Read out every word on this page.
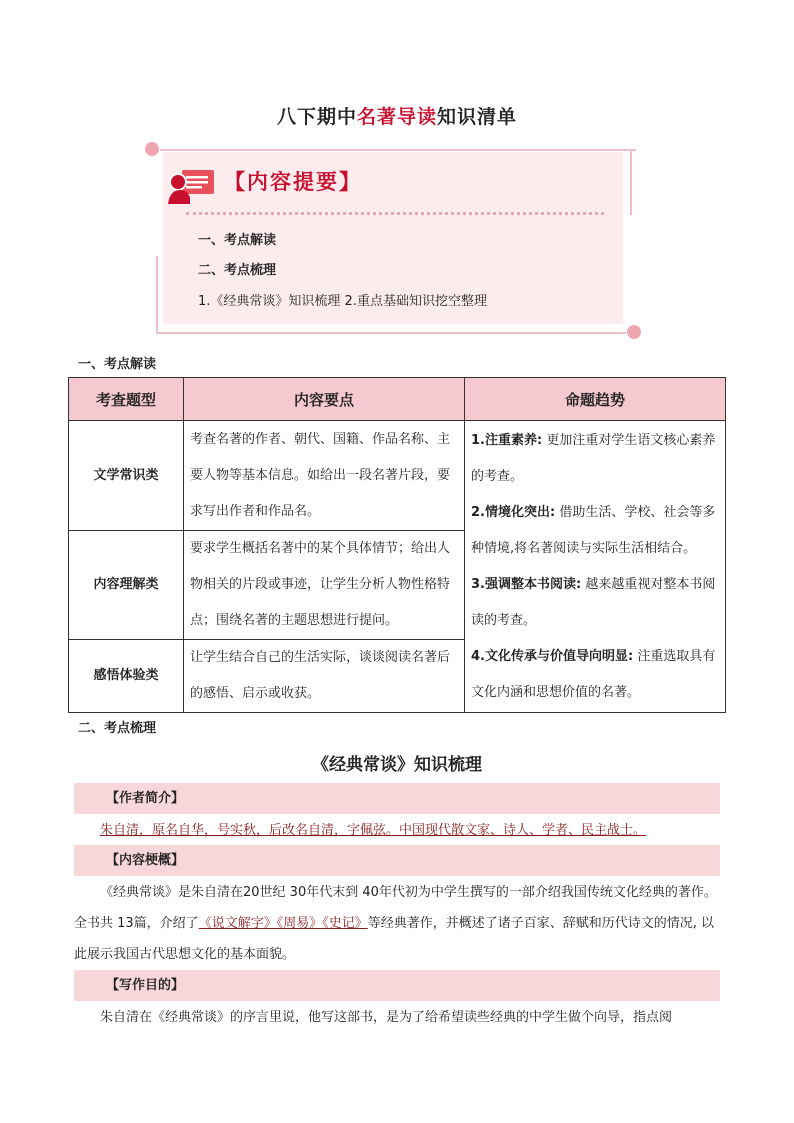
八下期中名著导读知识清单
【内容提要】
一、考点解读
二、考点梳理
1.《经典常谈》知识梳理 2.重点基础知识挖空整理
一、考点解读
考查题型	内容要点	命题趋势
文学常识类	考查名著的作者、朝代、国籍、作品名称、主要人物等基本信息。如给出一段名著片段，要求写出作者和作品名。	1.注重素养: 更加注重对学生语文核心素养的考查。
2.情境化突出: 借助生活、学校、社会等多种情境,将名著阅读与实际生活相结合。
3.强调整本书阅读: 越来越重视对整本书阅读的考查。
4.文化传承与价值导向明显: 注重选取具有文化内涵和思想价值的名著。

内容理解类	要求学生概括名著中的某个具体情节；给出人物相关的片段或事迹，让学生分析人物性格特点；围绕名著的主题思想进行提问。	
感悟体验类	让学生结合自己的生活实际，谈谈阅读名著后的感悟、启示或收获。	
二、考点梳理
《经典常谈》知识梳理
【作者简介】
朱自清，原名自华，号实秋，后改名自清，字佩弦。中国现代散文家、诗人、学者、民主战士。
【内容梗概】
《经典常谈》是朱自清在20世纪 30年代末到 40年代初为中学生撰写的一部介绍我国传统文化经典的著作。全书共 13篇，介绍了《说文解字》《周易》《史记》等经典著作，并概述了诸子百家、辞赋和历代诗文的情况, 以此展示我国古代思想文化的基本面貌。
【写作目的】
朱自清在《经典常谈》的序言里说，他写这部书，是为了给希望读些经典的中学生做个向导，指点阅
